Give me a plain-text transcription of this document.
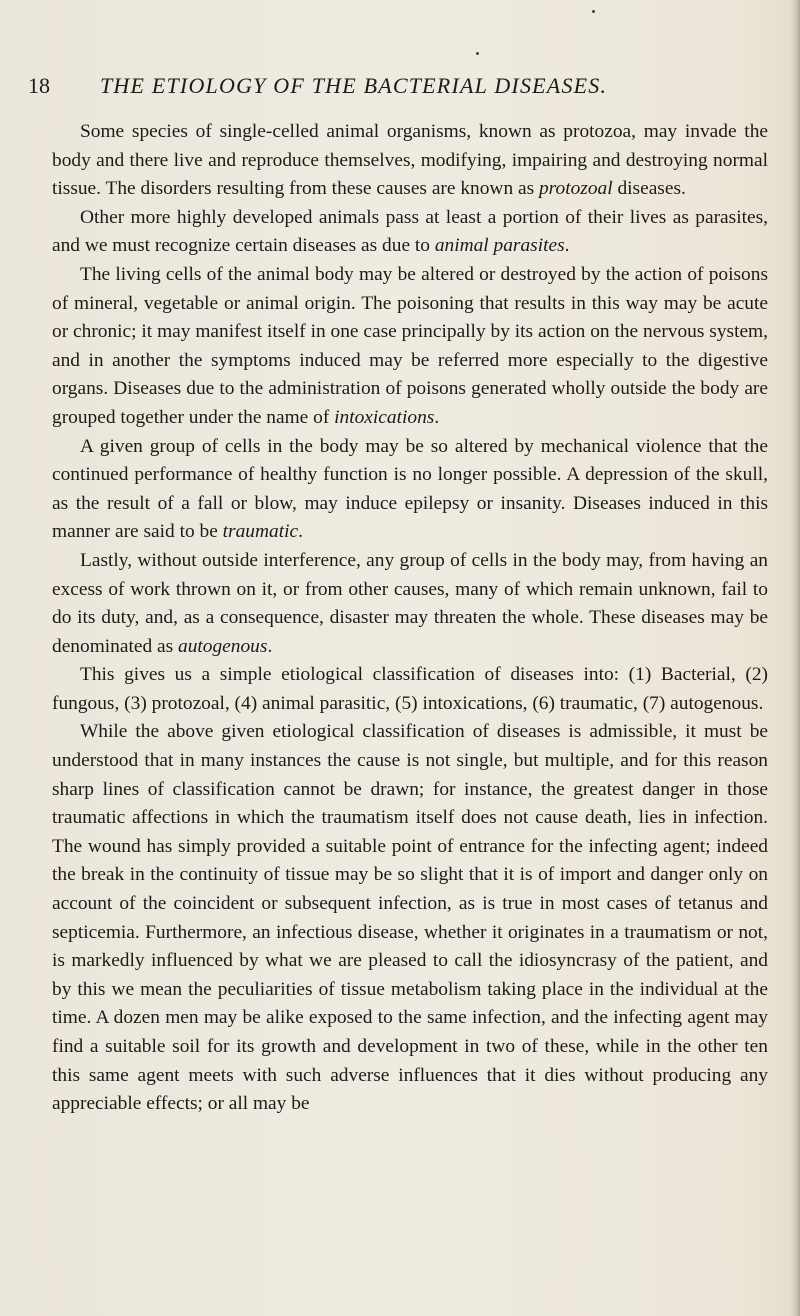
18 THE ETIOLOGY OF THE BACTERIAL DISEASES.

Some species of single-celled animal organisms, known as protozoa, may invade the body and there live and reproduce themselves, modifying, impairing and destroying normal tissue. The disorders resulting from these causes are known as protozoal diseases.

Other more highly developed animals pass at least a portion of their lives as parasites, and we must recognize certain diseases as due to animal parasites.

The living cells of the animal body may be altered or destroyed by the action of poisons of mineral, vegetable or animal origin. The poisoning that results in this way may be acute or chronic; it may manifest itself in one case principally by its action on the nervous system, and in another the symptoms induced may be referred more especially to the digestive organs. Diseases due to the administration of poisons generated wholly outside the body are grouped together under the name of intoxications.

A given group of cells in the body may be so altered by mechanical violence that the continued performance of healthy function is no longer possible. A depression of the skull, as the result of a fall or blow, may induce epilepsy or insanity. Diseases induced in this manner are said to be traumatic.

Lastly, without outside interference, any group of cells in the body may, from having an excess of work thrown on it, or from other causes, many of which remain unknown, fail to do its duty, and, as a consequence, disaster may threaten the whole. These diseases may be denominated as autogenous.

This gives us a simple etiological classification of diseases into: (1) Bacterial, (2) fungous, (3) protozoal, (4) animal parasitic, (5) intoxications, (6) traumatic, (7) autogenous.

While the above given etiological classification of diseases is admissible, it must be understood that in many instances the cause is not single, but multiple, and for this reason sharp lines of classification cannot be drawn; for instance, the greatest danger in those traumatic affections in which the traumatism itself does not cause death, lies in infection. The wound has simply provided a suitable point of entrance for the infecting agent; indeed the break in the continuity of tissue may be so slight that it is of import and danger only on account of the coincident or subsequent infection, as is true in most cases of tetanus and septicemia. Furthermore, an infectious disease, whether it originates in a traumatism or not, is markedly influenced by what we are pleased to call the idiosyncrasy of the patient, and by this we mean the peculiarities of tissue metabolism taking place in the individual at the time. A dozen men may be alike exposed to the same infection, and the infecting agent may find a suitable soil for its growth and development in two of these, while in the other ten this same agent meets with such adverse influences that it dies without producing any appreciable effects; or all may be
